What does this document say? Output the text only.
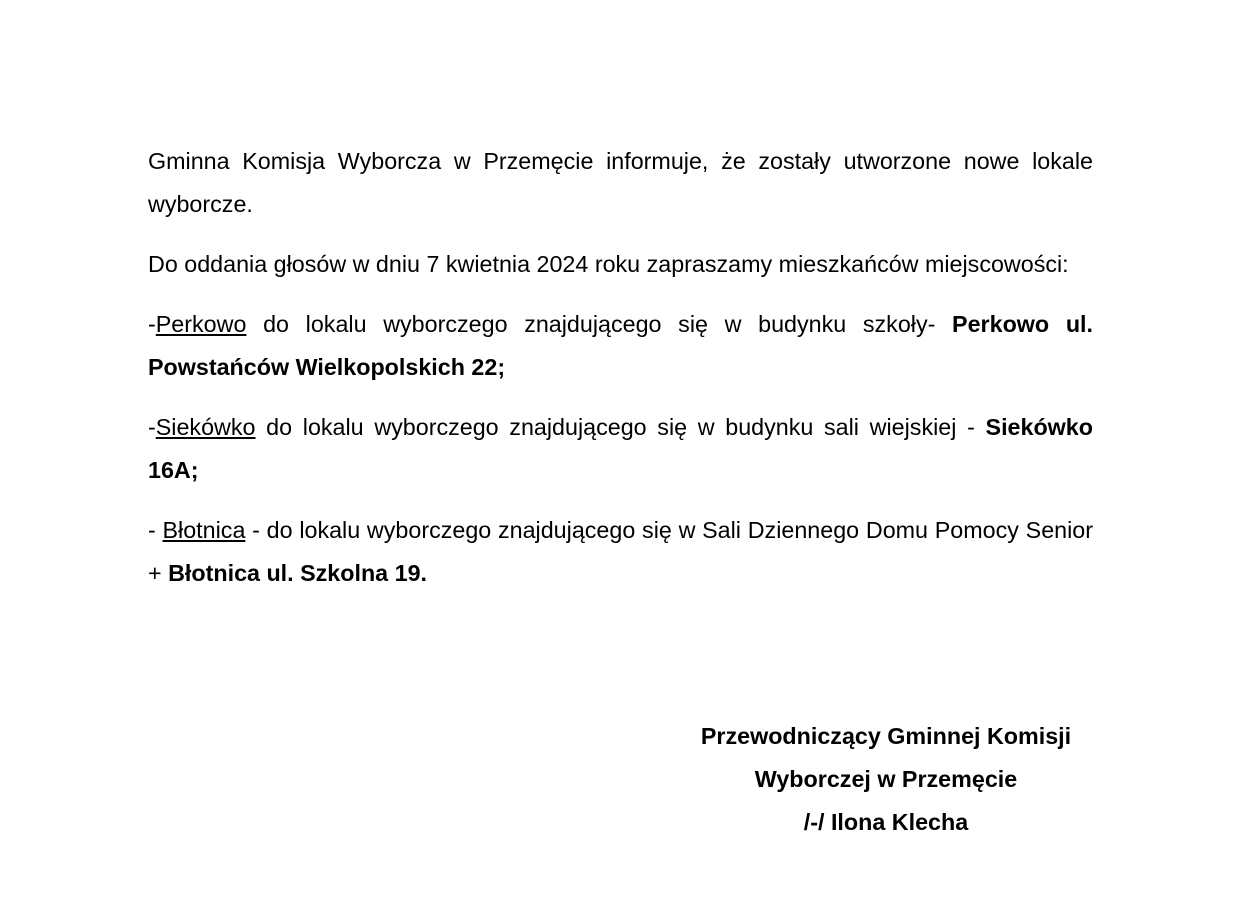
Gminna Komisja Wyborcza w Przemęcie informuje, że zostały utworzone nowe lokale wyborcze.

Do oddania głosów w dniu 7 kwietnia 2024 roku zapraszamy mieszkańców miejscowości:

-Perkowo do lokalu wyborczego znajdującego się w budynku szkoły- Perkowo ul. Powstańców Wielkopolskich 22;

-Siekówko do lokalu wyborczego znajdującego się w budynku sali wiejskiej - Siekówko 16A;

- Błotnica - do lokalu wyborczego znajdującego się w Sali Dziennego Domu Pomocy Senior + Błotnica ul. Szkolna 19.

Przewodniczący Gminnej Komisji
Wyborczej w Przemęcie
/-/ Ilona Klecha
